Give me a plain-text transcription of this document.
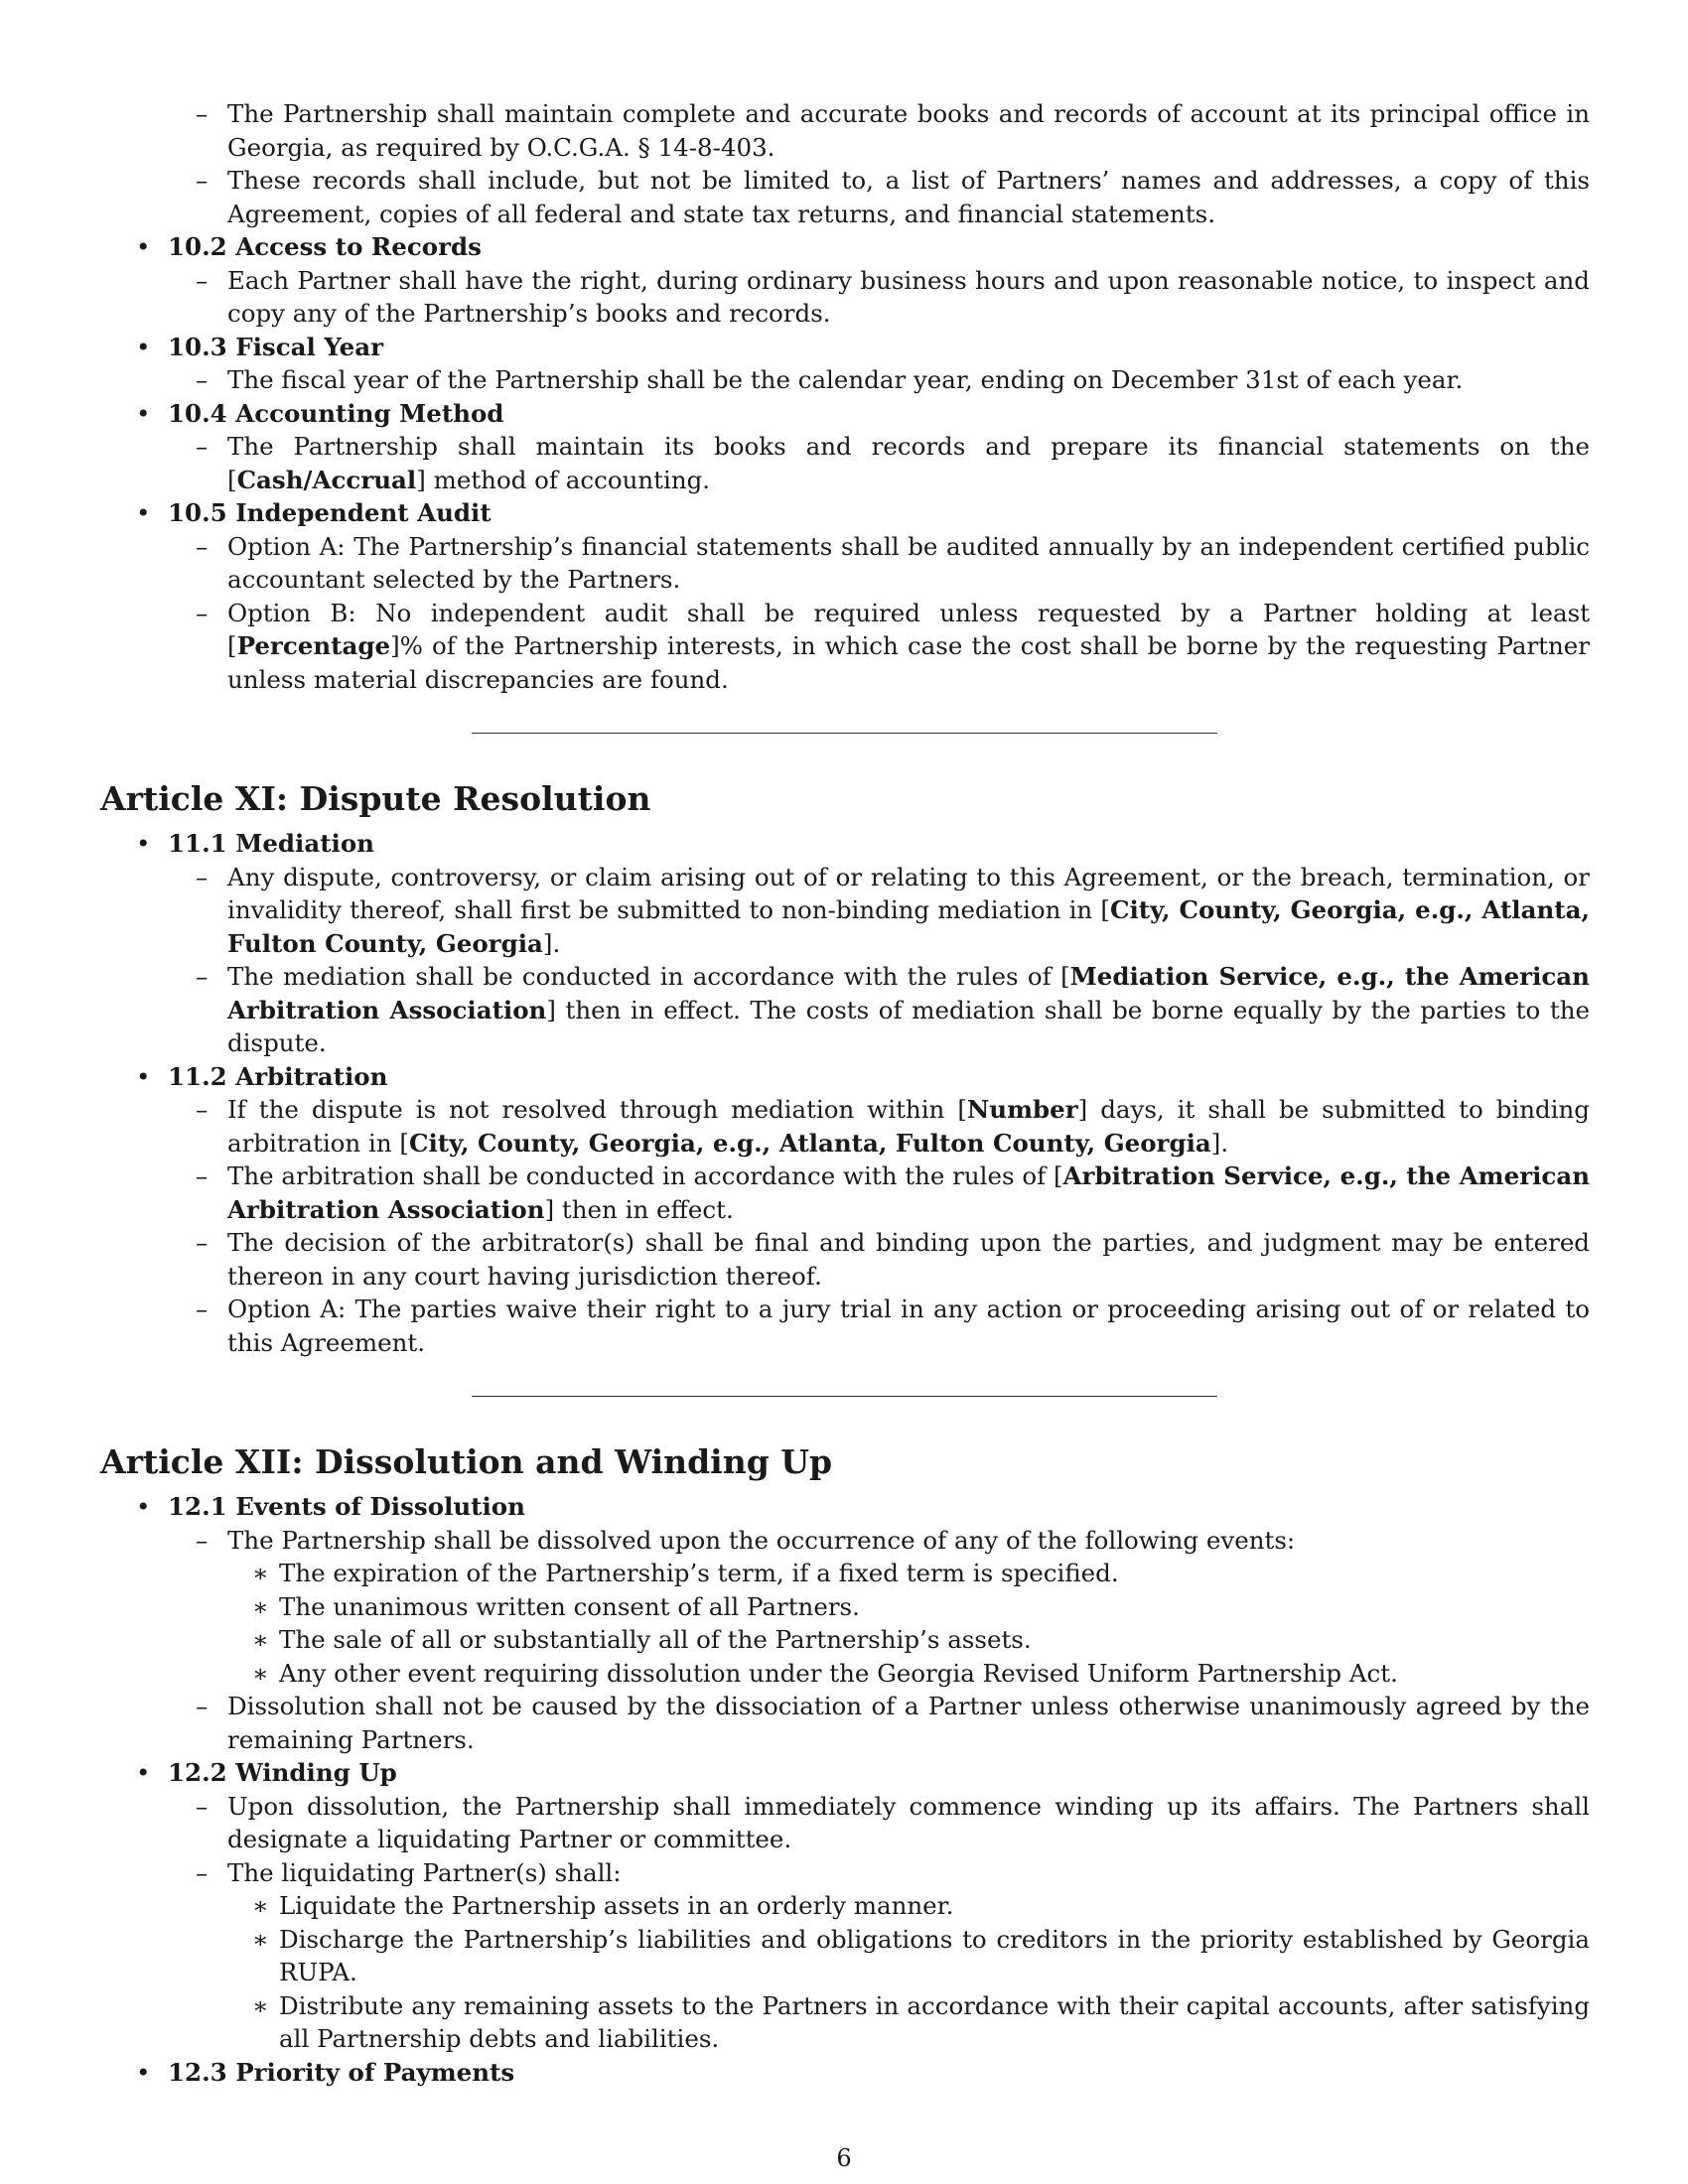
– The Partnership shall maintain complete and accurate books and records of account at its principal office in Georgia, as required by O.C.G.A. § 14-8-403.
– These records shall include, but not be limited to, a list of Partners’ names and addresses, a copy of this Agreement, copies of all federal and state tax returns, and financial statements.
• 10.2 Access to Records
– Each Partner shall have the right, during ordinary business hours and upon reasonable notice, to inspect and copy any of the Partnership’s books and records.
• 10.3 Fiscal Year
– The fiscal year of the Partnership shall be the calendar year, ending on December 31st of each year.
• 10.4 Accounting Method
– The Partnership shall maintain its books and records and prepare its financial statements on the [Cash/Accrual] method of accounting.
• 10.5 Independent Audit
– Option A: The Partnership’s financial statements shall be audited annually by an independent certified public accountant selected by the Partners.
– Option B: No independent audit shall be required unless requested by a Partner holding at least [Percentage]% of the Partnership interests, in which case the cost shall be borne by the requesting Partner unless material discrepancies are found.
Article XI: Dispute Resolution
• 11.1 Mediation
– Any dispute, controversy, or claim arising out of or relating to this Agreement, or the breach, termination, or invalidity thereof, shall first be submitted to non-binding mediation in [City, County, Georgia, e.g., Atlanta, Fulton County, Georgia].
– The mediation shall be conducted in accordance with the rules of [Mediation Service, e.g., the American Arbitration Association] then in effect. The costs of mediation shall be borne equally by the parties to the dispute.
• 11.2 Arbitration
– If the dispute is not resolved through mediation within [Number] days, it shall be submitted to binding arbitration in [City, County, Georgia, e.g., Atlanta, Fulton County, Georgia].
– The arbitration shall be conducted in accordance with the rules of [Arbitration Service, e.g., the American Arbitration Association] then in effect.
– The decision of the arbitrator(s) shall be final and binding upon the parties, and judgment may be entered thereon in any court having jurisdiction thereof.
– Option A: The parties waive their right to a jury trial in any action or proceeding arising out of or related to this Agreement.
Article XII: Dissolution and Winding Up
• 12.1 Events of Dissolution
– The Partnership shall be dissolved upon the occurrence of any of the following events:
∗ The expiration of the Partnership’s term, if a fixed term is specified.
∗ The unanimous written consent of all Partners.
∗ The sale of all or substantially all of the Partnership’s assets.
∗ Any other event requiring dissolution under the Georgia Revised Uniform Partnership Act.
– Dissolution shall not be caused by the dissociation of a Partner unless otherwise unanimously agreed by the remaining Partners.
• 12.2 Winding Up
– Upon dissolution, the Partnership shall immediately commence winding up its affairs. The Partners shall designate a liquidating Partner or committee.
– The liquidating Partner(s) shall:
∗ Liquidate the Partnership assets in an orderly manner.
∗ Discharge the Partnership’s liabilities and obligations to creditors in the priority established by Georgia RUPA.
∗ Distribute any remaining assets to the Partners in accordance with their capital accounts, after satisfying all Partnership debts and liabilities.
• 12.3 Priority of Payments
6
